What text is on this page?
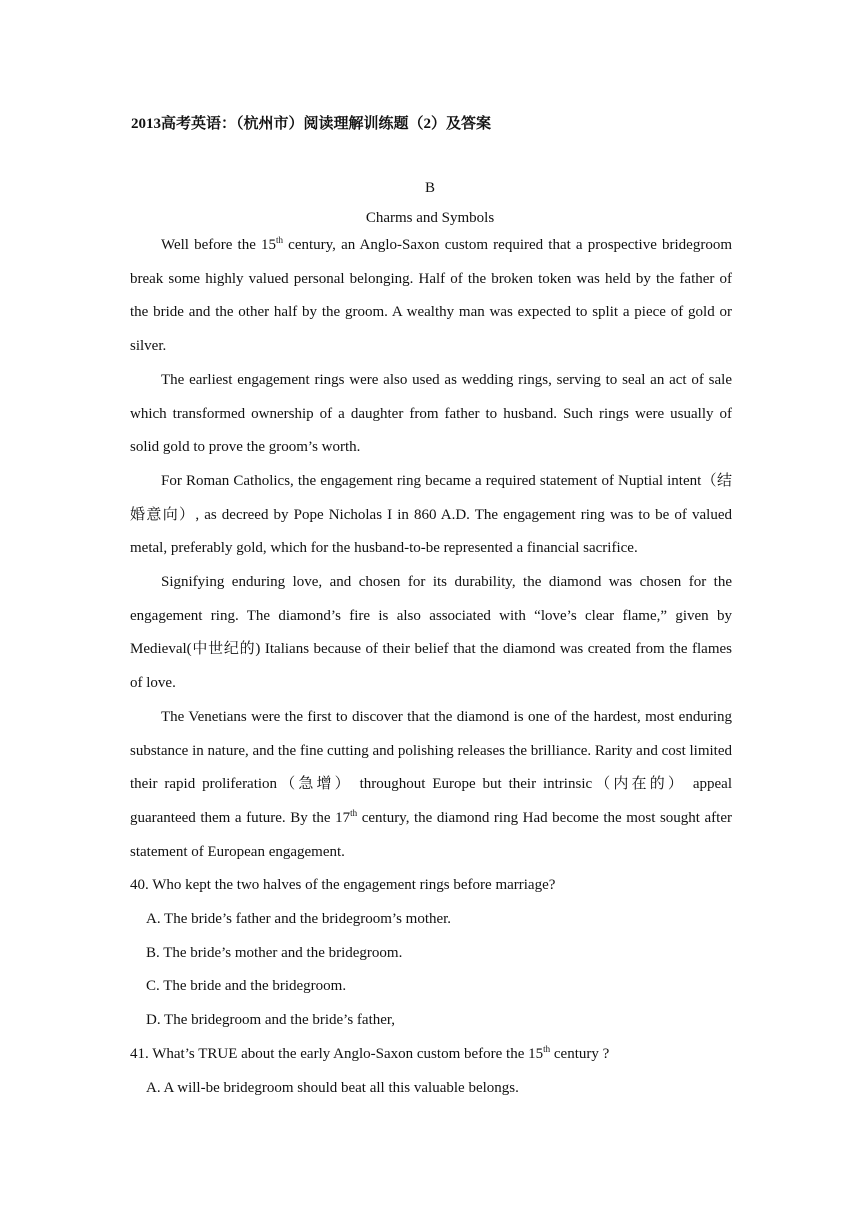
2013高考英语：（杭州市）阅读理解训练题（2）及答案
B
Charms and Symbols

Well before the 15th century, an Anglo-Saxon custom required that a prospective bridegroom break some highly valued personal belonging. Half of the broken token was held by the father of the bride and the other half by the groom. A wealthy man was expected to split a piece of gold or silver.

The earliest engagement rings were also used as wedding rings, serving to seal an act of sale which transformed ownership of a daughter from father to husband. Such rings were usually of solid gold to prove the groom’s worth.

For Roman Catholics, the engagement ring became a required statement of Nuptial intent（结婚意向）, as decreed by Pope Nicholas I in 860 A.D. The engagement ring was to be of valued metal, preferably gold, which for the husband-to-be represented a financial sacrifice.

Signifying enduring love, and chosen for its durability, the diamond was chosen for the engagement ring. The diamond’s fire is also associated with “love’s clear flame,” given by Medieval(中世纪的) Italians because of their belief that the diamond was created from the flames of love.

The Venetians were the first to discover that the diamond is one of the hardest, most enduring substance in nature, and the fine cutting and polishing releases the brilliance. Rarity and cost limited their rapid proliferation（急增） throughout Europe but their intrinsic（内在的） appeal guaranteed them a future. By the 17th century, the diamond ring Had become the most sought after statement of European engagement.

40. Who kept the two halves of the engagement rings before marriage?

A. The bride’s father and the bridegroom’s mother.

B. The bride’s mother and the bridegroom.

C. The bride and the bridegroom.

D. The bridegroom and the bride’s father,

41. What’s TRUE about the early Anglo-Saxon custom before the 15th century ?

A. A will-be bridegroom should beat all this valuable belongs.
